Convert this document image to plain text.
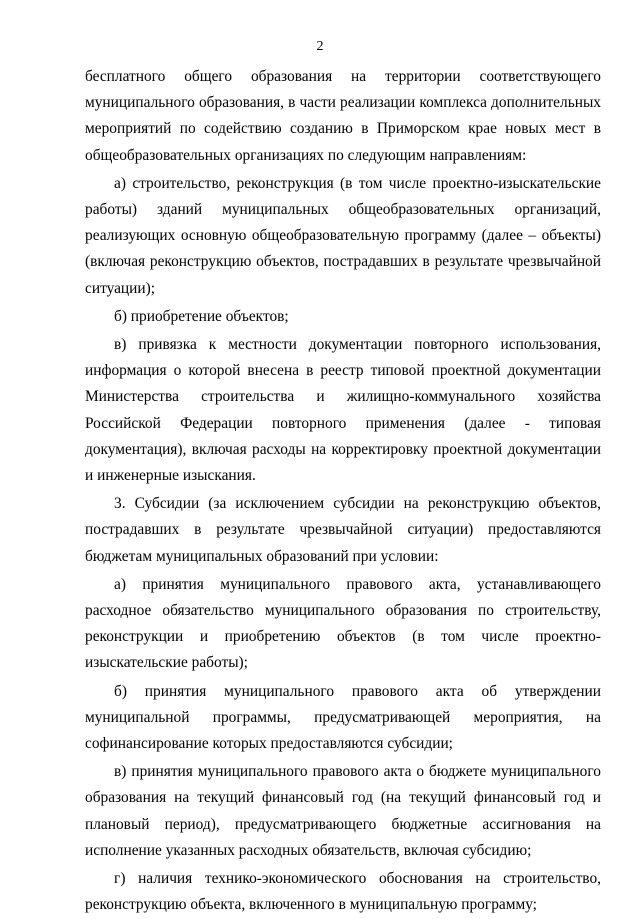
2

бесплатного общего образования на территории соответствующего муниципального образования, в части реализации комплекса дополнительных мероприятий по содействию созданию в Приморском крае новых мест в общеобразовательных организациях по следующим направлениям:

а) строительство, реконструкция (в том числе проектно-изыскательские работы) зданий муниципальных общеобразовательных организаций, реализующих основную общеобразовательную программу (далее – объекты) (включая реконструкцию объектов, пострадавших в результате чрезвычайной ситуации);

б) приобретение объектов;

в) привязка к местности документации повторного использования, информация о которой внесена в реестр типовой проектной документации Министерства строительства и жилищно-коммунального хозяйства Российской Федерации повторного применения (далее - типовая документация), включая расходы на корректировку проектной документации и инженерные изыскания.

3. Субсидии (за исключением субсидии на реконструкцию объектов, пострадавших в результате чрезвычайной ситуации) предоставляются бюджетам муниципальных образований при условии:

а) принятия муниципального правового акта, устанавливающего расходное обязательство муниципального образования по строительству, реконструкции и приобретению объектов (в том числе проектно-изыскательские работы);

б) принятия муниципального правового акта об утверждении муниципальной программы, предусматривающей мероприятия, на софинансирование которых предоставляются субсидии;

в) принятия муниципального правового акта о бюджете муниципального образования на текущий финансовый год (на текущий финансовый год и плановый период), предусматривающего бюджетные ассигнования на исполнение указанных расходных обязательств, включая субсидию;

г) наличия технико-экономического обоснования на строительство, реконструкцию объекта, включенного в муниципальную программу;
